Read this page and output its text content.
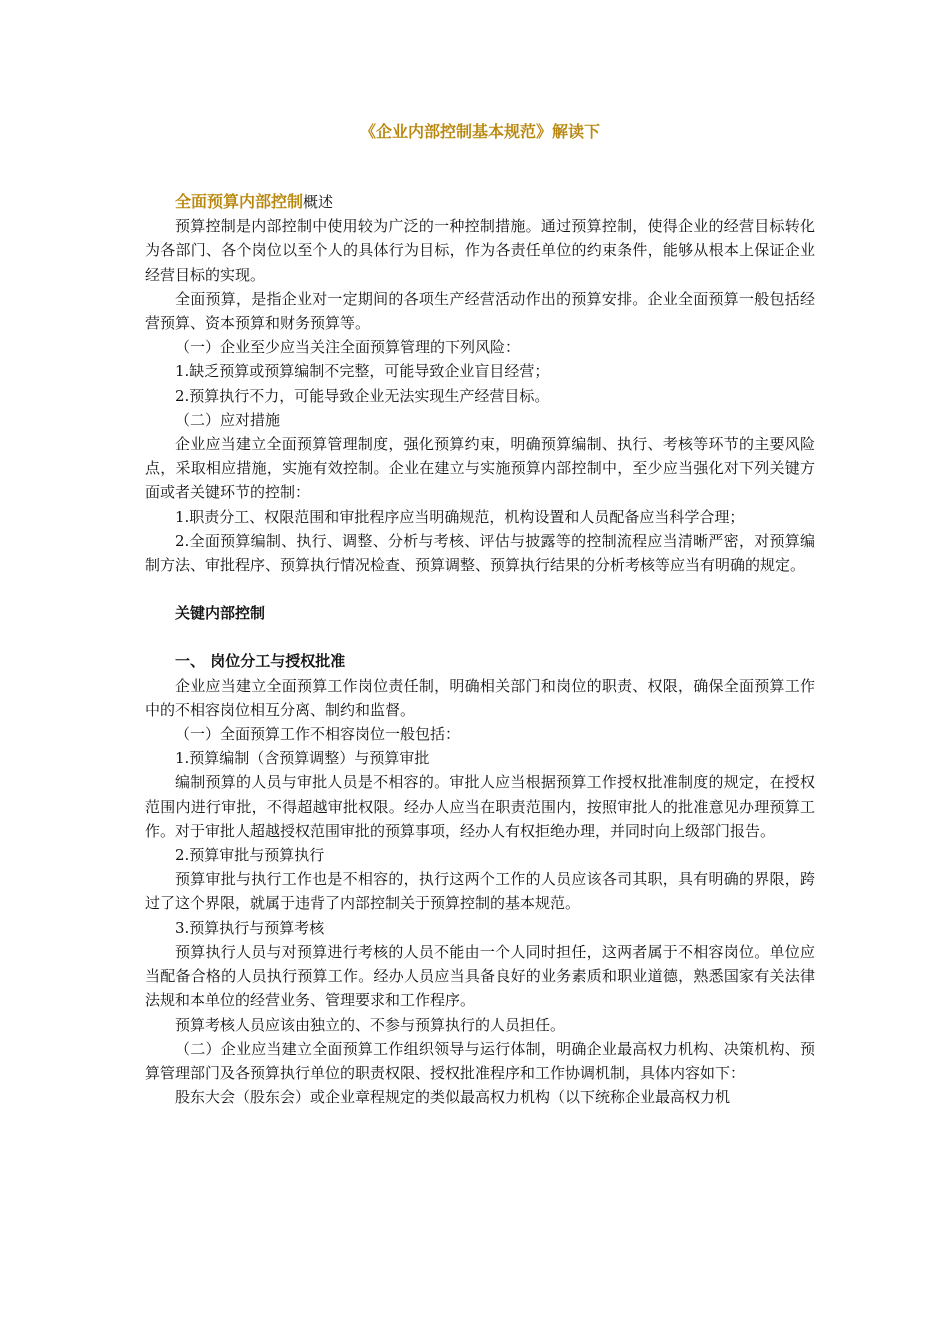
《企业内部控制基本规范》解读下
全面预算内部控制概述

预算控制是内部控制中使用较为广泛的一种控制措施。通过预算控制，使得企业的经营目标转化为各部门、各个岗位以至个人的具体行为目标，作为各责任单位的约束条件，能够从根本上保证企业经营目标的实现。

全面预算，是指企业对一定期间的各项生产经营活动作出的预算安排。企业全面预算一般包括经营预算、资本预算和财务预算等。

（一）企业至少应当关注全面预算管理的下列风险：

1.缺乏预算或预算编制不完整，可能导致企业盲目经营；

2.预算执行不力，可能导致企业无法实现生产经营目标。

（二）应对措施

企业应当建立全面预算管理制度，强化预算约束，明确预算编制、执行、考核等环节的主要风险点，采取相应措施，实施有效控制。企业在建立与实施预算内部控制中，至少应当强化对下列关键方面或者关键环节的控制：

1.职责分工、权限范围和审批程序应当明确规范，机构设置和人员配备应当科学合理；

2.全面预算编制、执行、调整、分析与考核、评估与披露等的控制流程应当清晰严密，对预算编制方法、审批程序、预算执行情况检查、预算调整、预算执行结果的分析考核等应当有明确的规定。

关键内部控制
一、 岗位分工与授权批准

企业应当建立全面预算工作岗位责任制，明确相关部门和岗位的职责、权限，确保全面预算工作中的不相容岗位相互分离、制约和监督。

（一）全面预算工作不相容岗位一般包括：

1.预算编制（含预算调整）与预算审批

编制预算的人员与审批人员是不相容的。审批人应当根据预算工作授权批准制度的规定，在授权范围内进行审批，不得超越审批权限。经办人应当在职责范围内，按照审批人的批准意见办理预算工作。对于审批人超越授权范围审批的预算事项，经办人有权拒绝办理，并同时向上级部门报告。

2.预算审批与预算执行

预算审批与执行工作也是不相容的，执行这两个工作的人员应该各司其职，具有明确的界限，跨过了这个界限，就属于违背了内部控制关于预算控制的基本规范。

3.预算执行与预算考核

预算执行人员与对预算进行考核的人员不能由一个人同时担任，这两者属于不相容岗位。单位应当配备合格的人员执行预算工作。经办人员应当具备良好的业务素质和职业道德，熟悉国家有关法律法规和本单位的经营业务、管理要求和工作程序。

预算考核人员应该由独立的、不参与预算执行的人员担任。

（二）企业应当建立全面预算工作组织领导与运行体制，明确企业最高权力机构、决策机构、预算管理部门及各预算执行单位的职责权限、授权批准程序和工作协调机制，具体内容如下：

股东大会（股东会）或企业章程规定的类似最高权力机构（以下统称企业最高权力机
